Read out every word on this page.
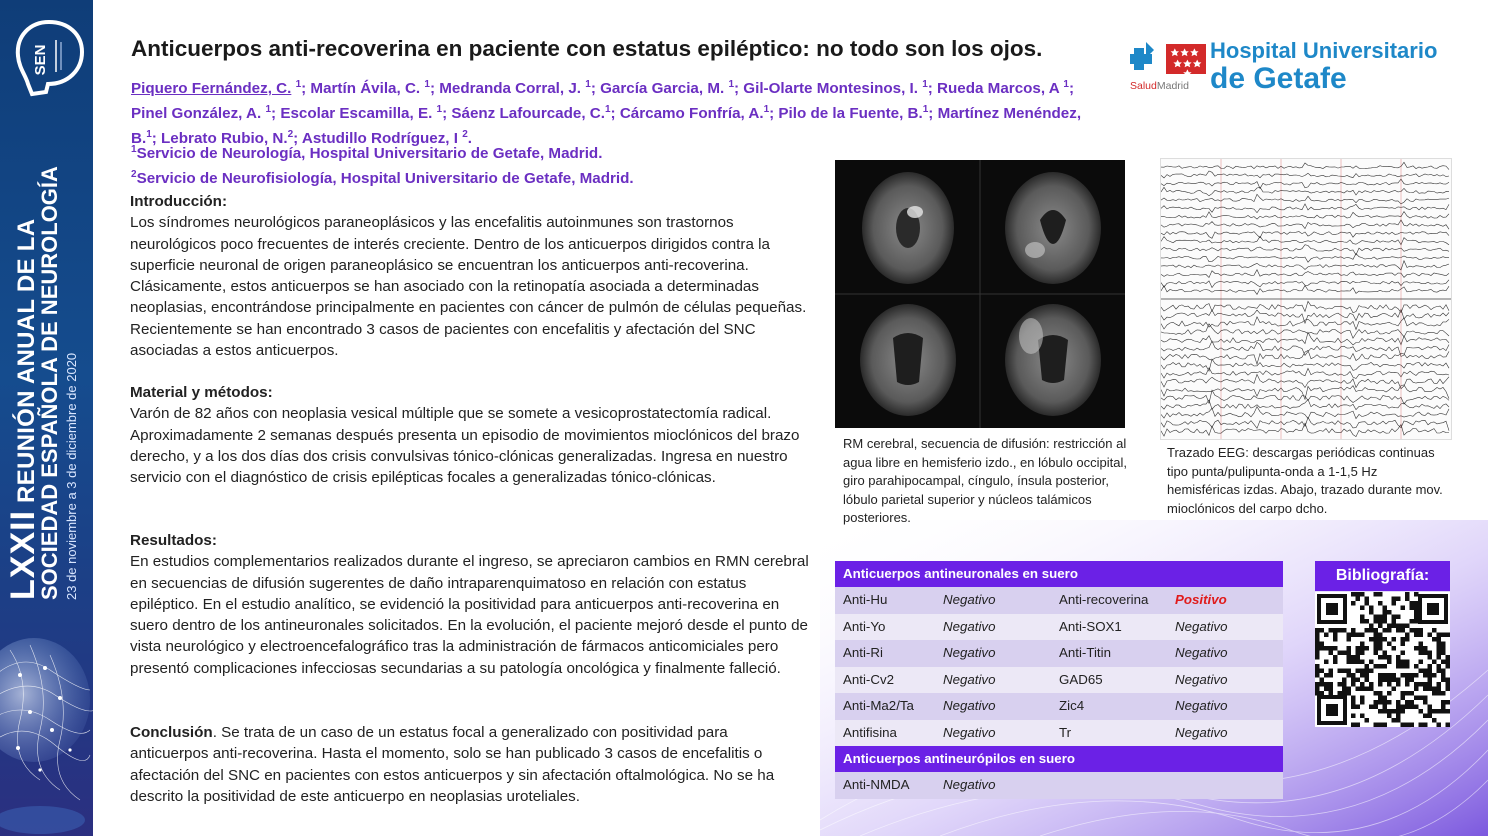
SEN
LXXII REUNIÓN ANUAL DE LA
SOCIEDAD ESPAÑOLA DE NEUROLOGÍA 23 de noviembre a 3 de diciembre de 2020
Anticuerpos anti-recoverina en paciente con estatus epiléptico: no todo son los ojos.
SaludMadrid
Hospital Universitario
de Getafe
Piquero Fernández, C. $^1$; Martín Ávila, C. $^1$; Medranda Corral, J. $^1$; García Garcia, M. $^1$; Gil-Olarte Montesinos, I. $^1$; Rueda Marcos, A $^1$; Pinel González, A. $^1$; Escolar Escamilla, E. $^1$; Sáenz Lafourcade, C.$^1$; Cárcamo Fonfría, A.$^1$; Pilo de la Fuente, B.$^1$; Martínez Menéndez, B.$^1$; Lebrato Rubio, N.$^2$; Astudillo Rodríguez, I $^2$.
$^1$Servicio de Neurología, Hospital Universitario de Getafe, Madrid.
$^2$Servicio de Neurofisiología, Hospital Universitario de Getafe, Madrid.
Introducción:

Los síndromes neurológicos paraneoplásicos y las encefalitis autoinmunes son trastornos neurológicos poco frecuentes de interés creciente. Dentro de los anticuerpos dirigidos contra la superficie neuronal de origen paraneoplásico se encuentran los anticuerpos anti-recoverina. Clásicamente, estos anticuerpos se han asociado con la retinopatía asociada a determinadas neoplasias, encontrándose principalmente en pacientes con cáncer de pulmón de células pequeñas. Recientemente se han encontrado 3 casos de pacientes con encefalitis y afectación del SNC asociadas a estos anticuerpos.

Material y métodos:

Varón de 82 años con neoplasia vesical múltiple que se somete a vesicoprostatectomía radical. Aproximadamente 2 semanas después presenta un episodio de movimientos mioclónicos del brazo derecho, y a los dos días dos crisis convulsivas tónico-clónicas generalizadas. Ingresa en nuestro servicio con el diagnóstico de crisis epilépticas focales a generalizadas tónico-clónicas.

Resultados:

En estudios complementarios realizados durante el ingreso, se apreciaron cambios en RMN cerebral en secuencias de difusión sugerentes de daño intraparenquimatoso en relación con estatus epiléptico. En el estudio analítico, se evidenció la positividad para anticuerpos anti-recoverina en suero dentro de los antineuronales solicitados. En la evolución, el paciente mejoró desde el punto de vista neurológico y electroencefalográfico tras la administración de fármacos anticomiciales pero presentó complicaciones infecciosas secundarias a su patología oncológica y finalmente falleció.

Conclusión. Se trata de un caso de un estatus focal a generalizado con positividad para anticuerpos anti-recoverina. Hasta el momento, solo se han publicado 3 casos de encefalitis o afectación del SNC en pacientes con estos anticuerpos y sin afectación oftalmológica. No se ha descrito la positividad de este anticuerpo en neoplasias uroteliales.

RM cerebral, secuencia de difusión: restricción al agua libre en hemisferio izdo., en lóbulo occipital, giro parahipocampal, cíngulo, ínsula posterior, lóbulo parietal superior y núcleos talámicos posteriores.
Trazado EEG: descargas periódicas continuas tipo punta/pulipunta-onda a 1-1,5 Hz hemisféricas izdas. Abajo, trazado durante mov. mioclónicos del carpo dcho.
Anticuerpos antineuronales en suero
Anti-Hu	Negativo	Anti-recoverina Positivo
Anti-Yo	Negativo	Anti-SOX1	Negativo
Anti-Ri	Negativo	Anti-Titin	Negativo
Anti-Cv2	Negativo	GAD65	Negativo
Anti-Ma2/Ta Negativo	Zic4	Negativo
Antifisina	Negativo	Tr	Negativo
Anticuerpos antineurópilos en suero
Anti-NMDA	Negativo
Bibliografía:
